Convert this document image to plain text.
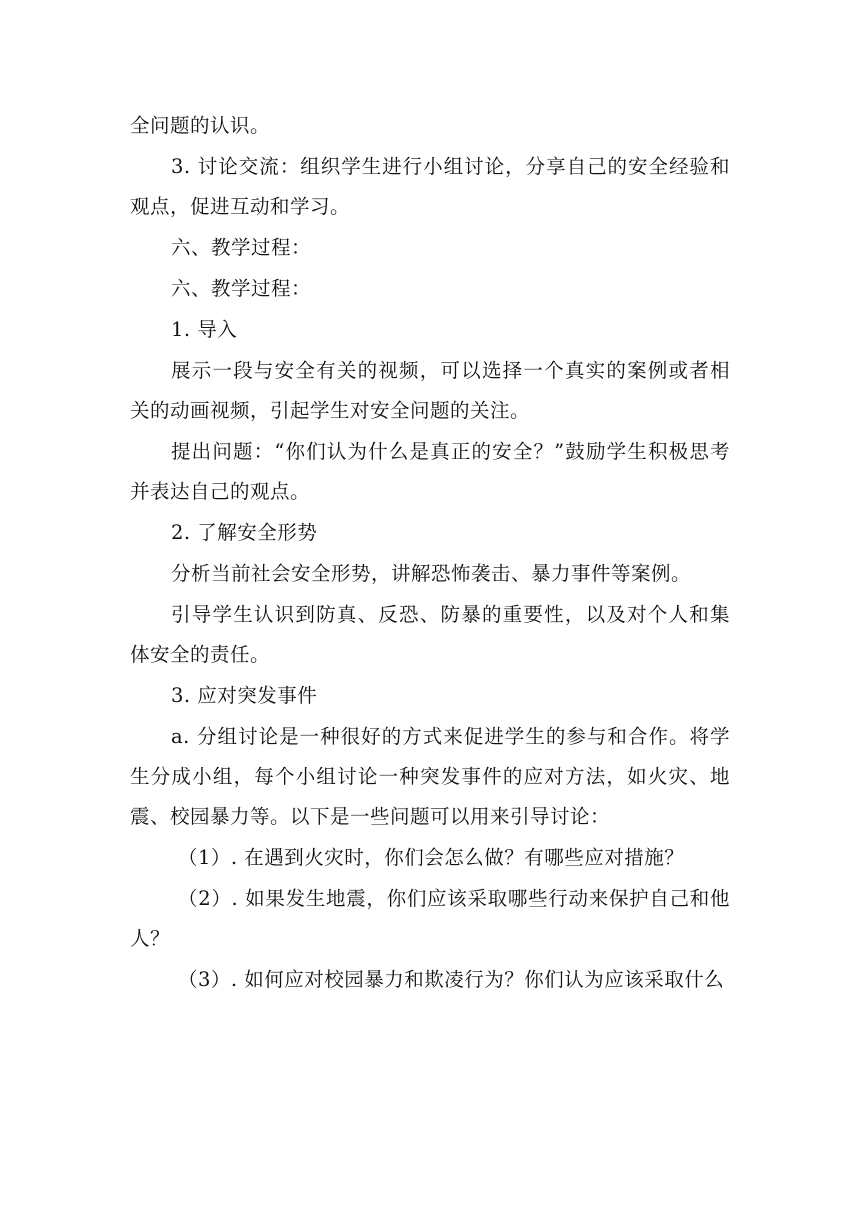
全问题的认识。

3. 讨论交流：组织学生进行小组讨论，分享自己的安全经验和观点，促进互动和学习。

六、教学过程：

六、教学过程：

1. 导入

展示一段与安全有关的视频，可以选择一个真实的案例或者相关的动画视频，引起学生对安全问题的关注。

提出问题：“你们认为什么是真正的安全？”鼓励学生积极思考并表达自己的观点。

2. 了解安全形势

分析当前社会安全形势，讲解恐怖袭击、暴力事件等案例。

引导学生认识到防真、反恐、防暴的重要性，以及对个人和集体安全的责任。

3. 应对突发事件

a. 分组讨论是一种很好的方式来促进学生的参与和合作。将学生分成小组，每个小组讨论一种突发事件的应对方法，如火灾、地震、校园暴力等。以下是一些问题可以用来引导讨论：

（1）. 在遇到火灾时，你们会怎么做？有哪些应对措施？

（2）. 如果发生地震，你们应该采取哪些行动来保护自己和他人？

（3）. 如何应对校园暴力和欺凌行为？你们认为应该采取什么
